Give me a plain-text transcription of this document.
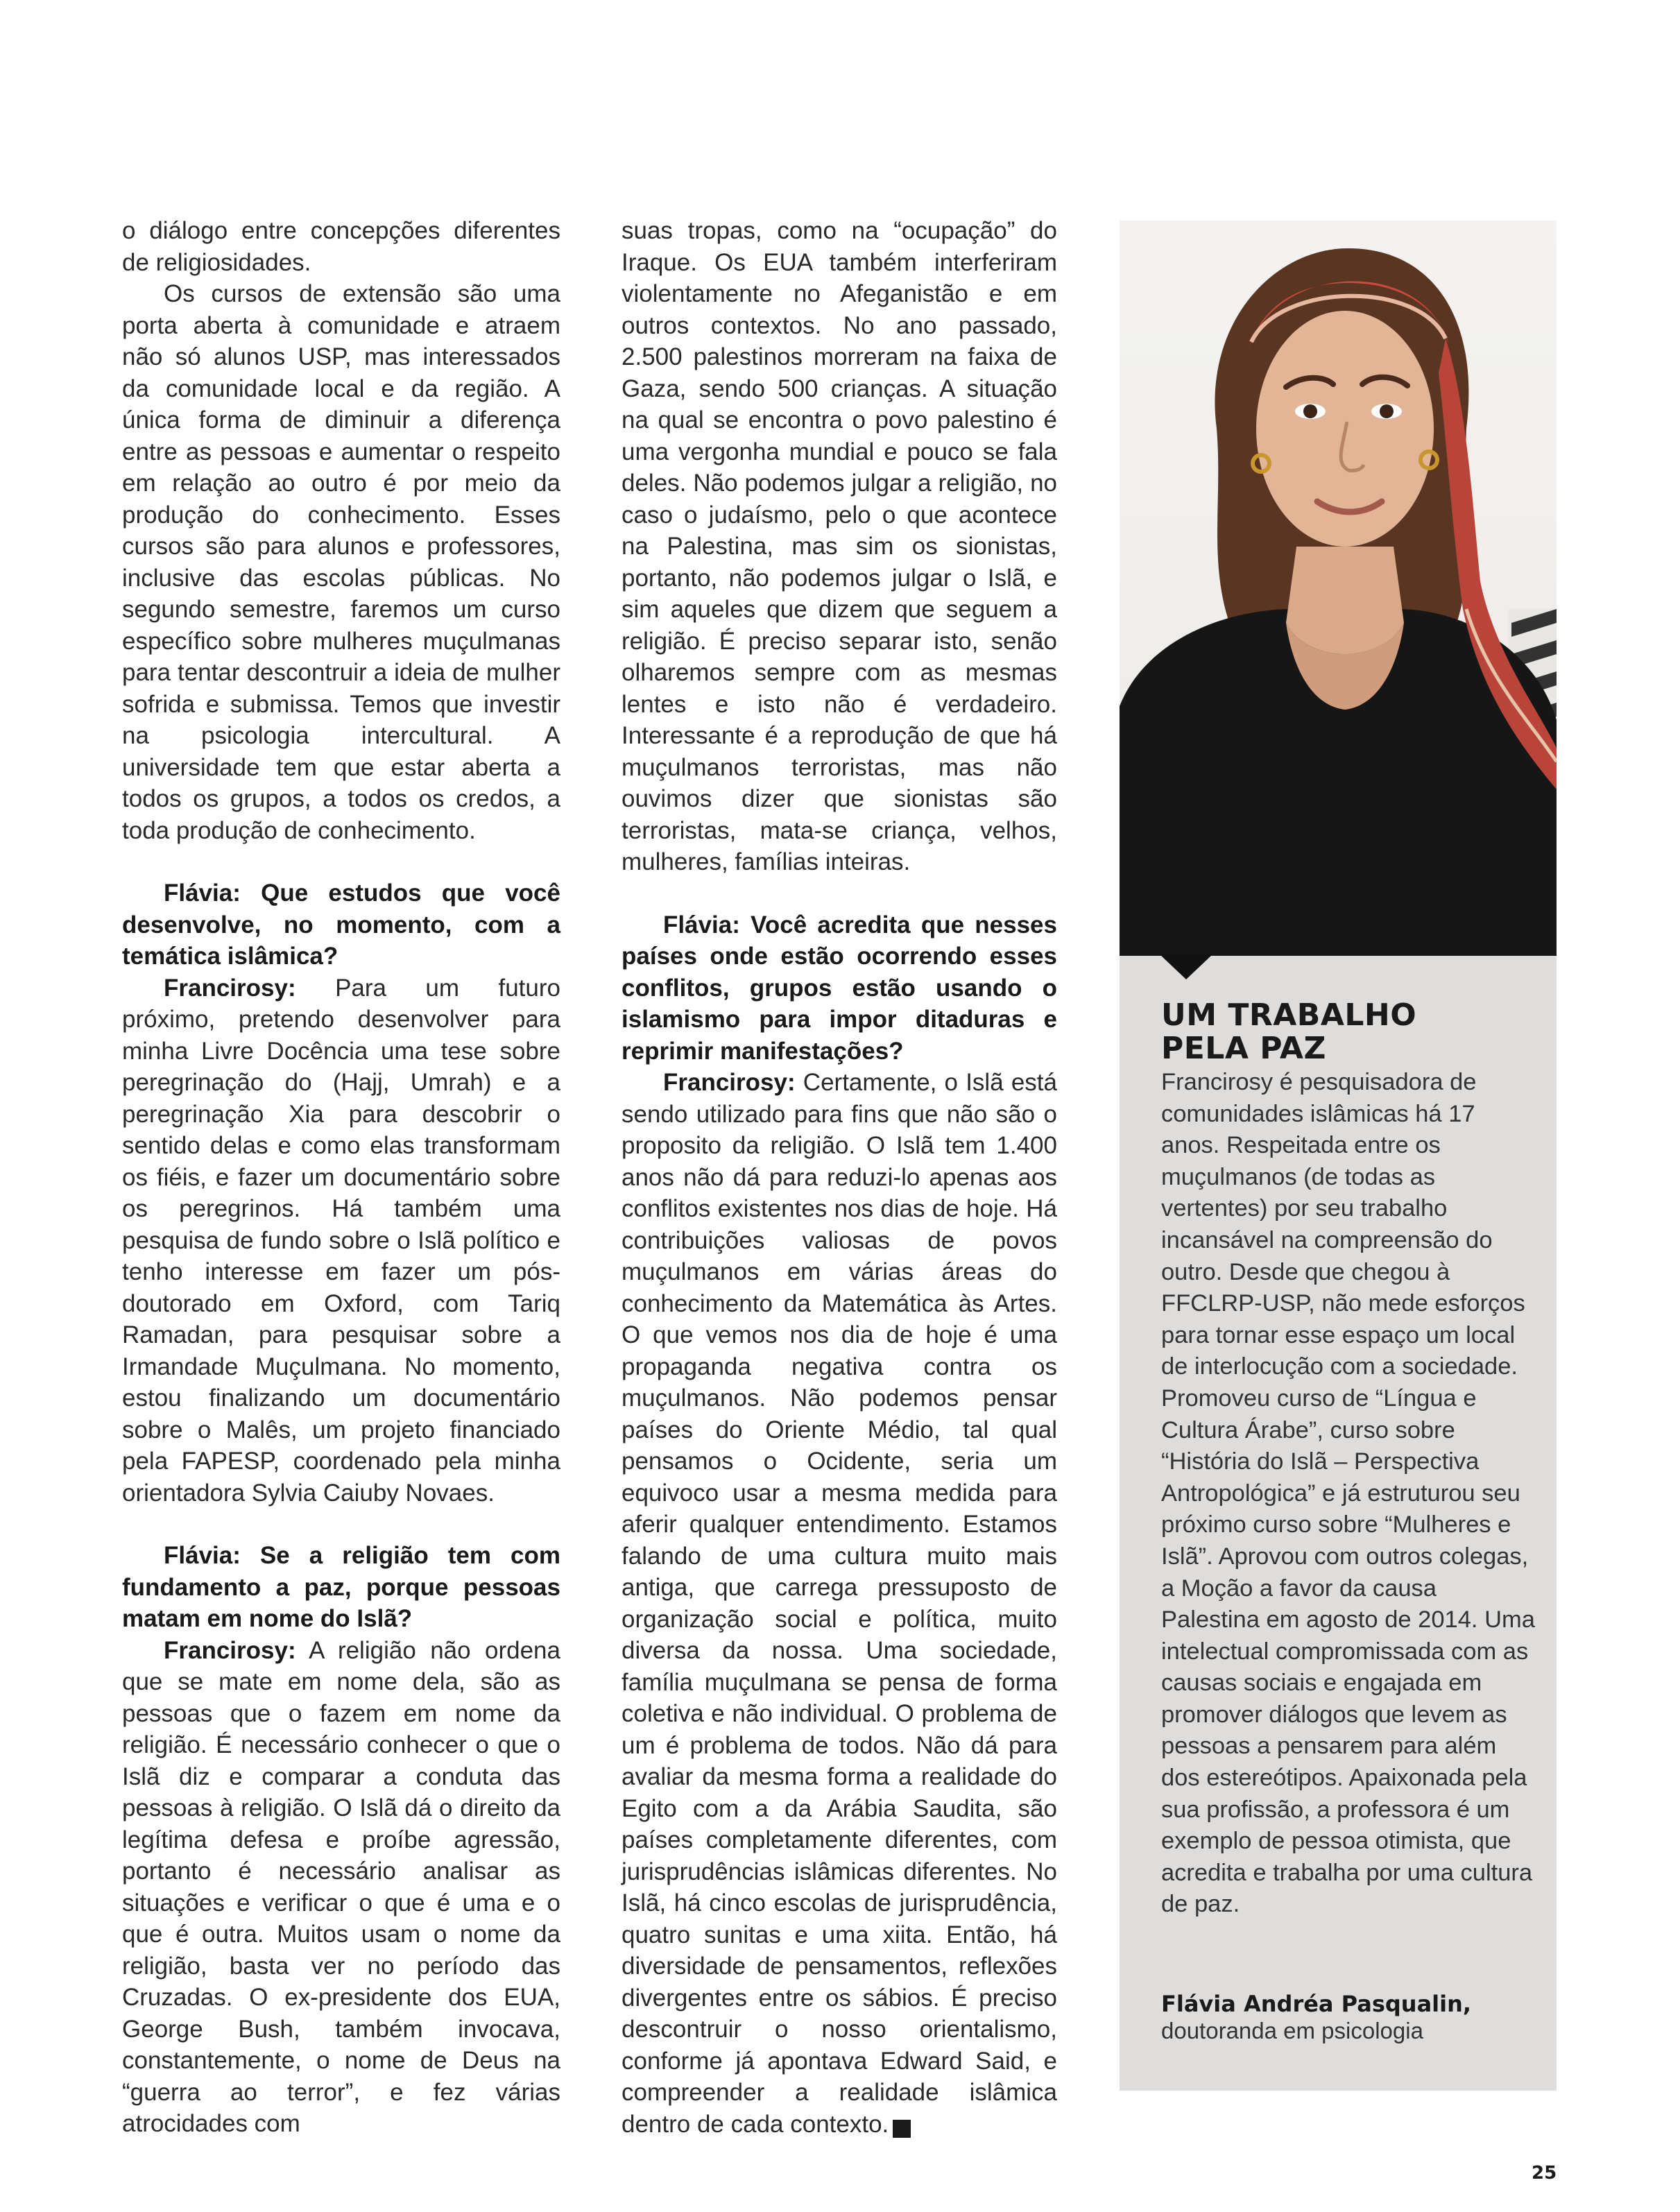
o diálogo entre concepções diferentes de religiosidades.

Os cursos de extensão são uma porta aberta à comunidade e atraem não só alunos USP, mas interessados da comunidade local e da região. A única forma de diminuir a diferença entre as pessoas e aumentar o respeito em relação ao outro é por meio da produção do conhecimento. Esses cursos são para alunos e professores, inclusive das escolas públicas. No segundo semestre, faremos um curso específico sobre mulheres muçulmanas para tentar descontruir a ideia de mulher sofrida e submissa. Temos que investir na psicologia intercultural. A universidade tem que estar aberta a todos os grupos, a todos os credos, a toda produção de conhecimento.

Flávia: Que estudos que você desenvolve, no momento, com a temática islâmica?

Francirosy: Para um futuro próximo, pretendo desenvolver para minha Livre Docência uma tese sobre peregrinação do (Hajj, Umrah) e a peregrinação Xia para descobrir o sentido delas e como elas transformam os fiéis, e fazer um documentário sobre os peregrinos. Há também uma pesquisa de fundo sobre o Islã político e tenho interesse em fazer um pós-doutorado em Oxford, com Tariq Ramadan, para pesquisar sobre a Irmandade Muçulmana. No momento, estou finalizando um documentário sobre o Malês, um projeto financiado pela FAPESP, coordenado pela minha orientadora Sylvia Caiuby Novaes.

Flávia: Se a religião tem com fundamento a paz, porque pessoas matam em nome do Islã?

Francirosy: A religião não ordena que se mate em nome dela, são as pessoas que o fazem em nome da religião. É necessário conhecer o que o Islã diz e comparar a conduta das pessoas à religião. O Islã dá o direito da legítima defesa e proíbe agressão, portanto é necessário analisar as situações e verificar o que é uma e o que é outra. Muitos usam o nome da religião, basta ver no período das Cruzadas. O ex-presidente dos EUA, George Bush, também invocava, constantemente, o nome de Deus na “guerra ao terror”, e fez várias atrocidades com

suas tropas, como na “ocupação” do Iraque. Os EUA também interferiram violentamente no Afeganistão e em outros contextos. No ano passado, 2.500 palestinos morreram na faixa de Gaza, sendo 500 crianças. A situação na qual se encontra o povo palestino é uma vergonha mundial e pouco se fala deles. Não podemos julgar a religião, no caso o judaísmo, pelo o que acontece na Palestina, mas sim os sionistas, portanto, não podemos julgar o Islã, e sim aqueles que dizem que seguem a religião. É preciso separar isto, senão olharemos sempre com as mesmas lentes e isto não é verdadeiro. Interessante é a reprodução de que há muçulmanos terroristas, mas não ouvimos dizer que sionistas são terroristas, mata-se criança, velhos, mulheres, famílias inteiras.

Flávia: Você acredita que nesses países onde estão ocorrendo esses conflitos, grupos estão usando o islamismo para impor ditaduras e reprimir manifestações?

Francirosy: Certamente, o Islã está sendo utilizado para fins que não são o proposito da religião. O Islã tem 1.400 anos não dá para reduzi-lo apenas aos conflitos existentes nos dias de hoje. Há contribuições valiosas de povos muçulmanos em várias áreas do conhecimento da Matemática às Artes. O que vemos nos dia de hoje é uma propaganda negativa contra os muçulmanos. Não podemos pensar países do Oriente Médio, tal qual pensamos o Ocidente, seria um equivoco usar a mesma medida para aferir qualquer entendimento. Estamos falando de uma cultura muito mais antiga, que carrega pressuposto de organização social e política, muito diversa da nossa. Uma sociedade, família muçulmana se pensa de forma coletiva e não individual. O problema de um é problema de todos. Não dá para avaliar da mesma forma a realidade do Egito com a da Arábia Saudita, são países completamente diferentes, com jurisprudências islâmicas diferentes. No Islã, há cinco escolas de jurisprudência, quatro sunitas e uma xiita. Então, há diversidade de pensamentos, reflexões divergentes entre os sábios. É preciso descontruir o nosso orientalismo, conforme já apontava Edward Said, e compreender a realidade islâmica dentro de cada contexto.	r

UM TRABALHO
PELA PAZ
Francirosy é pesquisadora de comunidades islâmicas há 17 anos. Respeitada entre os muçulmanos (de todas as vertentes) por seu trabalho incansável na compreensão do outro. Desde que chegou à FFCLRP-USP, não mede esforços para tornar esse espaço um local de interlocução com a sociedade. Promoveu curso de “Língua e Cultura Árabe”, curso sobre “História do Islã – Perspectiva Antropológica” e já estruturou seu próximo curso sobre “Mulheres e Islã”. Aprovou com outros colegas, a Moção a favor da causa Palestina em agosto de 2014. Uma intelectual compromissada com as causas sociais e engajada em promover diálogos que levem as pessoas a pensarem para além dos estereótipos. Apaixonada pela sua profissão, a professora é um exemplo de pessoa otimista, que acredita e trabalha por uma cultura de paz.
Flávia Andréa Pasqualin,
doutoranda em psicologia
25
